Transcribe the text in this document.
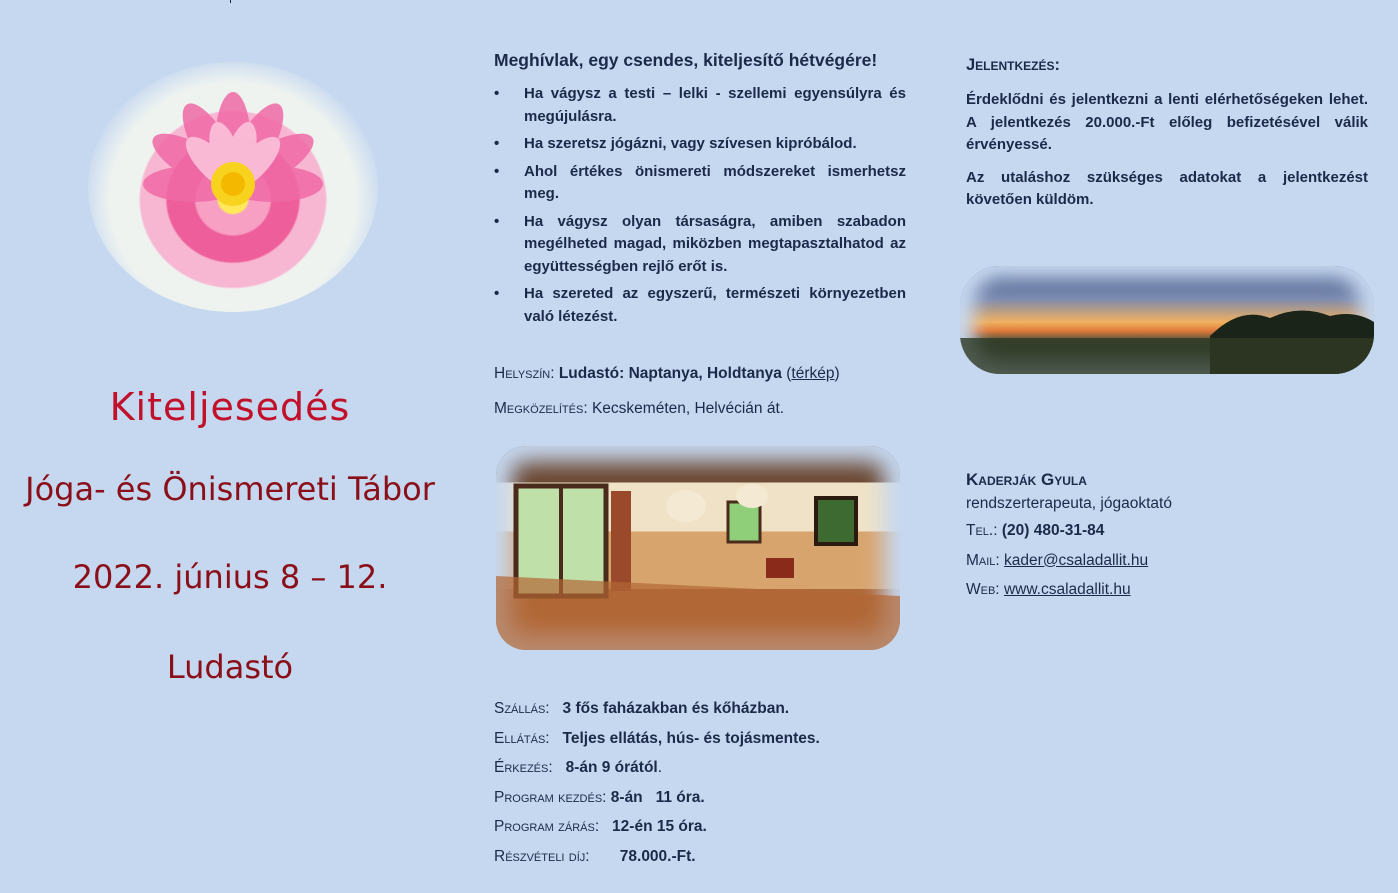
Kiteljesedés
Jóga- és Önismereti Tábor
2022. június 8 – 12.
Ludastó
Meghívlak, egy csendes, kiteljesítő hétvégére!
• Ha vágysz a testi – lelki - szellemi egyensúlyra és megújulásra.
• Ha szeretsz jógázni, vagy szívesen kipróbálod.
• Ahol értékes önismereti módszereket ismerhetsz meg.
• Ha vágysz olyan társaságra, amiben szabadon megélheted magad, miközben megtapasztalhatod az együttességben rejlő erőt is.
• Ha szereted az egyszerű, természeti környezetben való létezést.
Helyszín: Ludastó: Naptanya, Holdtanya (térkép)
Megközelítés: Kecskeméten, Helvécián át.
Szállás: 3 fős faházakban és kőházban.
Ellátás: Teljes ellátás, hús- és tojásmentes.
Érkezés: 8-án 9 órától.
Program kezdés: 8-án   11 óra.
Program zárás: 12-én 15 óra.
Részvételi díj: 78.000.-Ft.
Jelentkezés:

Érdeklődni és jelentkezni a lenti elérhetőségeken lehet. A jelentkezés 20.000.-Ft előleg befizetésével válik érvényessé.

Az utaláshoz szükséges adatokat a jelentkezést követően küldöm.

Kaderják Gyula
rendszerterapeuta, jógaoktató
Tel.: (20) 480-31-84
Mail: kader@csaladallit.hu
Web: www.csaladallit.hu
